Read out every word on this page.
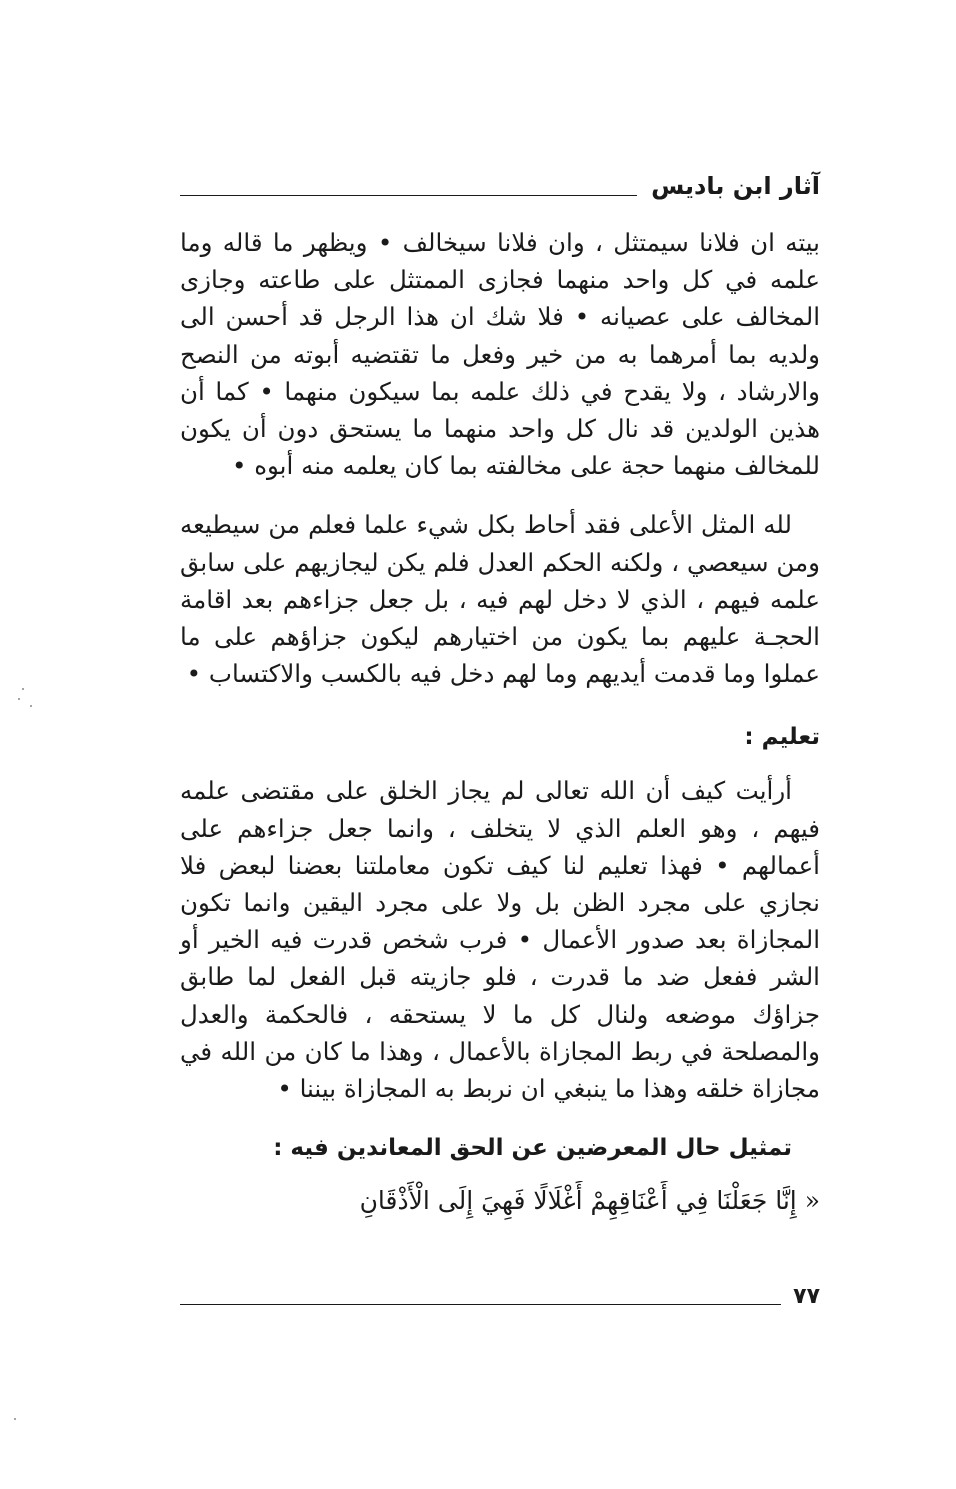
آثار ابن باديس

بيته ان فلانا سيمتثل ، وان فلانا سيخالف • ويظهر ما قاله وما علمه في كل واحد منهما فجازى الممتثل على طاعته وجازى المخالف على عصيانه • فلا شك ان هذا الرجل قد أحسن الى ولديه بما أمرهما به من خير وفعل ما تقتضيه أبوته من النصح والارشاد ، ولا يقدح في ذلك علمه بما سيكون منهما • كما أن هذين الولدين قد نال كل واحد منهما ما يستحق دون أن يكون للمخالف منهما حجة على مخالفته بما كان يعلمه منه أبوه •

لله المثل الأعلى فقد أحاط بكل شيء علما فعلم من سيطيعه ومن سيعصي ، ولكنه الحكم العدل فلم يكن ليجازيهم على سابق علمه فيهم ، الذي لا دخل لهم فيه ، بل جعل جزاءهم بعد اقامة الحجـة عليهم بما يكون من اختيارهم ليكون جزاؤهم على ما عملوا وما قدمت أيديهم وما لهم دخل فيه بالكسب والاكتساب •

تعليم :

أرأيت كيف أن الله تعالى لم يجاز الخلق على مقتضى علمه فيهم ، وهو العلم الذي لا يتخلف ، وانما جعل جزاءهم على أعمالهم • فهذا تعليم لنا كيف تكون معاملتنا بعضنا لبعض فلا نجازي على مجرد الظن بل ولا على مجرد اليقين وانما تكون المجازاة بعد صدور الأعمال • فرب شخص قدرت فيه الخير أو الشر ففعل ضد ما قدرت ، فلو جازيته قبل الفعل لما طابق جزاؤك موضعه ولنال كل ما لا يستحقه ، فالحكمة والعدل والمصلحة في ربط المجازاة بالأعمال ، وهذا ما كان من الله في مجازاة خلقه وهذا ما ينبغي ان نربط به المجازاة بيننا •

تمثيل حال المعرضين عن الحق المعاندين فيه :
« إِنَّا جَعَلْنَا فِي أَعْنَاقِهِمْ أَغْلَالًا فَهِيَ إِلَى الْأَذْقَانِ
٧٧
